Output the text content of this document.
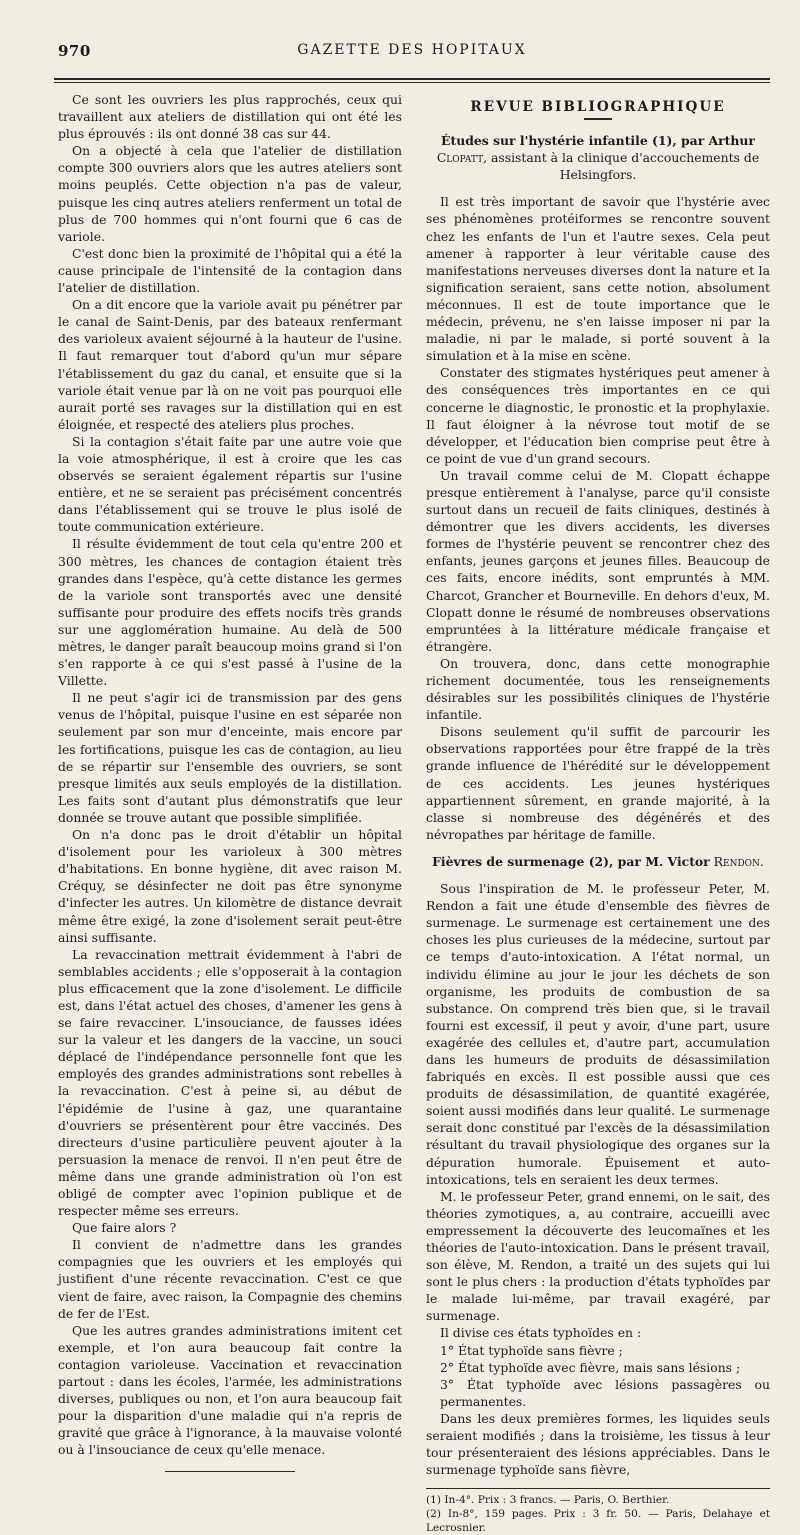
970	GAZETTE DES HOPITAUX

Ce sont les ouvriers les plus rapprochés, ceux qui travaillent aux ateliers de distillation qui ont été les plus éprouvés : ils ont donné 38 cas sur 44.

On a objecté à cela que l'atelier de distillation compte 300 ouvriers alors que les autres ateliers sont moins peuplés. Cette objection n'a pas de valeur, puisque les cinq autres ateliers renferment un total de plus de 700 hommes qui n'ont fourni que 6 cas de variole.

C'est donc bien la proximité de l'hôpital qui a été la cause principale de l'intensité de la contagion dans l'atelier de distillation.

On a dit encore que la variole avait pu pénétrer par le canal de Saint-Denis, par des bateaux renfermant des varioleux avaient séjourné à la hauteur de l'usine. Il faut remarquer tout d'abord qu'un mur sépare l'établissement du gaz du canal, et ensuite que si la variole était venue par là on ne voit pas pourquoi elle aurait porté ses ravages sur la distillation qui en est éloignée, et respecté des ateliers plus proches.

Si la contagion s'était faite par une autre voie que la voie atmosphérique, il est à croire que les cas observés se seraient également répartis sur l'usine entière, et ne se seraient pas précisément concentrés dans l'établissement qui se trouve le plus isolé de toute communication extérieure.

Il résulte évidemment de tout cela qu'entre 200 et 300 mètres, les chances de contagion étaient très grandes dans l'espèce, qu'à cette distance les germes de la variole sont transportés avec une densité suffisante pour produire des effets nocifs très grands sur une agglomération humaine. Au delà de 500 mètres, le danger paraît beaucoup moins grand si l'on s'en rapporte à ce qui s'est passé à l'usine de la Villette.

Il ne peut s'agir ici de transmission par des gens venus de l'hôpital, puisque l'usine en est séparée non seulement par son mur d'enceinte, mais encore par les fortifications, puisque les cas de contagion, au lieu de se répartir sur l'ensemble des ouvriers, se sont presque limités aux seuls employés de la distillation. Les faits sont d'autant plus démonstratifs que leur donnée se trouve autant que possible simplifiée.

On n'a donc pas le droit d'établir un hôpital d'isolement pour les varioleux à 300 mètres d'habitations. En bonne hygiène, dit avec raison M. Créquy, se désinfecter ne doit pas être synonyme d'infecter les autres. Un kilomètre de distance devrait même être exigé, la zone d'isolement serait peut-être ainsi suffisante.

La revaccination mettrait évidemment à l'abri de semblables accidents ; elle s'opposerait à la contagion plus efficacement que la zone d'isolement. Le difficile est, dans l'état actuel des choses, d'amener les gens à se faire revacciner. L'insouciance, de fausses idées sur la valeur et les dangers de la vaccine, un souci déplacé de l'indépendance personnelle font que les employés des grandes administrations sont rebelles à la revaccination. C'est à peine si, au début de l'épidémie de l'usine à gaz, une quarantaine d'ouvriers se présentèrent pour être vaccinés. Des directeurs d'usine particulière peuvent ajouter à la persuasion la menace de renvoi. Il n'en peut être de même dans une grande administration où l'on est obligé de compter avec l'opinion publique et de respecter même ses erreurs.

Que faire alors ?

Il convient de n'admettre dans les grandes compagnies que les ouvriers et les employés qui justifient d'une récente revaccination. C'est ce que vient de faire, avec raison, la Compagnie des chemins de fer de l'Est.

Que les autres grandes administrations imitent cet exemple, et l'on aura beaucoup fait contre la contagion varioleuse. Vaccination et revaccination partout : dans les écoles, l'armée, les administrations diverses, publiques ou non, et l'on aura beaucoup fait pour la disparition d'une maladie qui n'a repris de gravité que grâce à l'ignorance, à la mauvaise volonté ou à l'insouciance de ceux qu'elle menace.

REVUE BIBLIOGRAPHIQUE
Études sur l'hystérie infantile (1), par Arthur Clopatt, assistant à la clinique d'accouchements de Helsingfors.

Il est très important de savoir que l'hystérie avec ses phénomènes protéiformes se rencontre souvent chez les enfants de l'un et l'autre sexes. Cela peut amener à rapporter à leur véritable cause des manifestations nerveuses diverses dont la nature et la signification seraient, sans cette notion, absolument méconnues. Il est de toute importance que le médecin, prévenu, ne s'en laisse imposer ni par la maladie, ni par le malade, si porté souvent à la simulation et à la mise en scène.

Constater des stigmates hystériques peut amener à des conséquences très importantes en ce qui concerne le diagnostic, le pronostic et la prophylaxie. Il faut éloigner à la névrose tout motif de se développer, et l'éducation bien comprise peut être à ce point de vue d'un grand secours.

Un travail comme celui de M. Clopatt échappe presque entièrement à l'analyse, parce qu'il consiste surtout dans un recueil de faits cliniques, destinés à démontrer que les divers accidents, les diverses formes de l'hystérie peuvent se rencontrer chez des enfants, jeunes garçons et jeunes filles. Beaucoup de ces faits, encore inédits, sont empruntés à MM. Charcot, Grancher et Bourneville. En dehors d'eux, M. Clopatt donne le résumé de nombreuses observations empruntées à la littérature médicale française et étrangère.

On trouvera, donc, dans cette monographie richement documentée, tous les renseignements désirables sur les possibilités cliniques de l'hystérie infantile.

Disons seulement qu'il suffit de parcourir les observations rapportées pour être frappé de la très grande influence de l'hérédité sur le développement de ces accidents. Les jeunes hystériques appartiennent sûrement, en grande majorité, à la classe si nombreuse des dégénérés et des névropathes par héritage de famille.

Fièvres de surmenage (2), par M. Victor Rendon.

Sous l'inspiration de M. le professeur Peter, M. Rendon a fait une étude d'ensemble des fièvres de surmenage. Le surmenage est certainement une des choses les plus curieuses de la médecine, surtout par ce temps d'auto-intoxication. A l'état normal, un individu élimine au jour le jour les déchets de son organisme, les produits de combustion de sa substance. On comprend très bien que, si le travail fourni est excessif, il peut y avoir, d'une part, usure exagérée des cellules et, d'autre part, accumulation dans les humeurs de produits de désassimilation fabriqués en excès. Il est possible aussi que ces produits de désassimilation, de quantité exagérée, soient aussi modifiés dans leur qualité. Le surmenage serait donc constitué par l'excès de la désassimilation résultant du travail physiologique des organes sur la dépuration humorale. Épuisement et auto-intoxications, tels en seraient les deux termes.

M. le professeur Peter, grand ennemi, on le sait, des théories zymotiques, a, au contraire, accueilli avec empressement la découverte des leucomaïnes et les théories de l'auto-intoxication. Dans le présent travail, son élève, M. Rendon, a traité un des sujets qui lui sont le plus chers : la production d'états typhoïdes par le malade lui-même, par travail exagéré, par surmenage.

Il divise ces états typhoïdes en :

1° État typhoïde sans fièvre ;

2° État typhoïde avec fièvre, mais sans lésions ;

3° État typhoïde avec lésions passagères ou permanentes.

Dans les deux premières formes, les liquides seuls seraient modifiés ; dans la troisième, les tissus à leur tour présenteraient des lésions appréciables. Dans le surmenage typhoïde sans fièvre,

(1) In-4°. Prix : 3 francs. — Paris, O. Berthier.

(2) In-8°, 159 pages. Prix : 3 fr. 50. — Paris, Delahaye et Lecrosnier.
